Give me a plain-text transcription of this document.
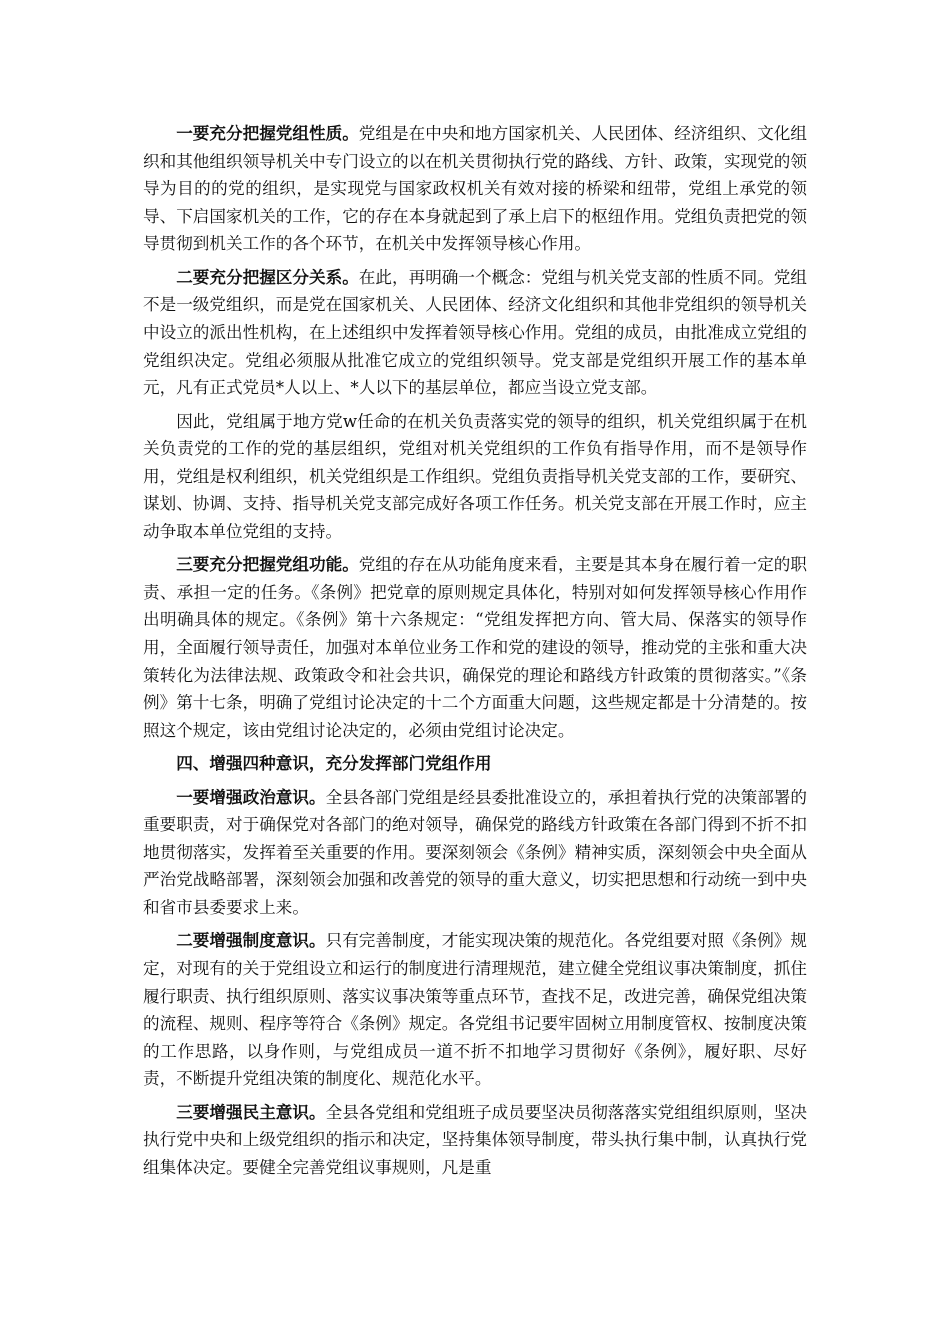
一要充分把握党组性质。党组是在中央和地方国家机关、人民团体、经济组织、文化组织和其他组织领导机关中专门设立的以在机关贯彻执行党的路线、方针、政策，实现党的领导为目的的党的组织，是实现党与国家政权机关有效对接的桥梁和纽带，党组上承党的领导、下启国家机关的工作，它的存在本身就起到了承上启下的枢纽作用。党组负责把党的领导贯彻到机关工作的各个环节，在机关中发挥领导核心作用。

二要充分把握区分关系。在此，再明确一个概念：党组与机关党支部的性质不同。党组不是一级党组织，而是党在国家机关、人民团体、经济文化组织和其他非党组织的领导机关中设立的派出性机构，在上述组织中发挥着领导核心作用。党组的成员，由批准成立党组的党组织决定。党组必须服从批准它成立的党组织领导。党支部是党组织开展工作的基本单元，凡有正式党员*人以上、*人以下的基层单位，都应当设立党支部。

因此，党组属于地方党w任命的在机关负责落实党的领导的组织，机关党组织属于在机关负责党的工作的党的基层组织，党组对机关党组织的工作负有指导作用，而不是领导作用，党组是权利组织，机关党组织是工作组织。党组负责指导机关党支部的工作，要研究、谋划、协调、支持、指导机关党支部完成好各项工作任务。机关党支部在开展工作时，应主动争取本单位党组的支持。

三要充分把握党组功能。党组的存在从功能角度来看，主要是其本身在履行着一定的职责、承担一定的任务。《条例》把党章的原则规定具体化，特别对如何发挥领导核心作用作出明确具体的规定。《条例》第十六条规定：“党组发挥把方向、管大局、保落实的领导作用，全面履行领导责任，加强对本单位业务工作和党的建设的领导，推动党的主张和重大决策转化为法律法规、政策政令和社会共识，确保党的理论和路线方针政策的贯彻落实。”《条例》第十七条，明确了党组讨论决定的十二个方面重大问题，这些规定都是十分清楚的。按照这个规定，该由党组讨论决定的，必须由党组讨论决定。

四、增强四种意识，充分发挥部门党组作用

一要增强政治意识。全县各部门党组是经县委批准设立的，承担着执行党的决策部署的重要职责，对于确保党对各部门的绝对领导，确保党的路线方针政策在各部门得到不折不扣地贯彻落实，发挥着至关重要的作用。要深刻领会《条例》精神实质，深刻领会中央全面从严治党战略部署，深刻领会加强和改善党的领导的重大意义，切实把思想和行动统一到中央和省市县委要求上来。

二要增强制度意识。只有完善制度，才能实现决策的规范化。各党组要对照《条例》规定，对现有的关于党组设立和运行的制度进行清理规范，建立健全党组议事决策制度，抓住履行职责、执行组织原则、落实议事决策等重点环节，查找不足，改进完善，确保党组决策的流程、规则、程序等符合《条例》规定。各党组书记要牢固树立用制度管权、按制度决策的工作思路，以身作则，与党组成员一道不折不扣地学习贯彻好《条例》，履好职、尽好责，不断提升党组决策的制度化、规范化水平。

三要增强民主意识。全县各党组和党组班子成员要坚决员彻落落实党组组织原则，坚决执行党中央和上级党组织的指示和决定，坚持集体领导制度，带头执行集中制，认真执行党组集体决定。要健全完善党组议事规则，凡是重
